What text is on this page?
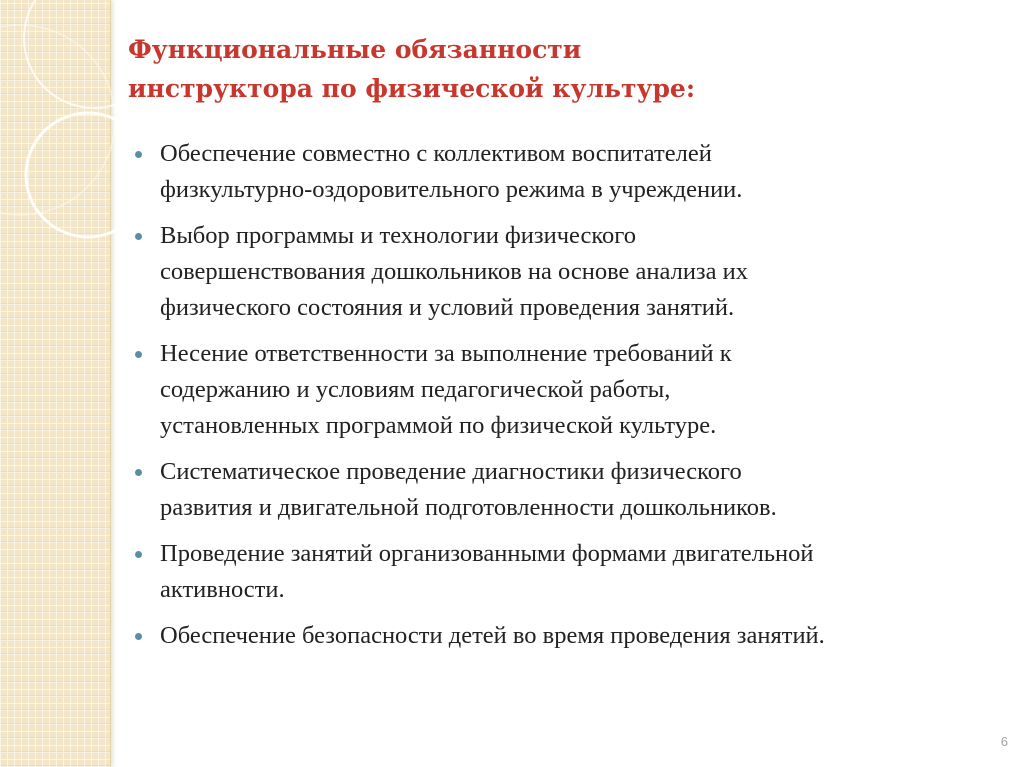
Функциональные обязанности
инструктора по физической культуре:
Обеспечение совместно с коллективом воспитателей
физкультурно-оздоровительного режима в учреждении.
Выбор программы и технологии физического
совершенствования дошкольников на основе анализа их
физического состояния и условий проведения занятий.
Несение ответственности за выполнение требований к
содержанию и условиям педагогической работы,
установленных программой по физической культуре.
Систематическое проведение диагностики физического
развития и двигательной подготовленности дошкольников.
Проведение занятий организованными формами двигательной
активности.
Обеспечение безопасности детей во время проведения занятий.
6
